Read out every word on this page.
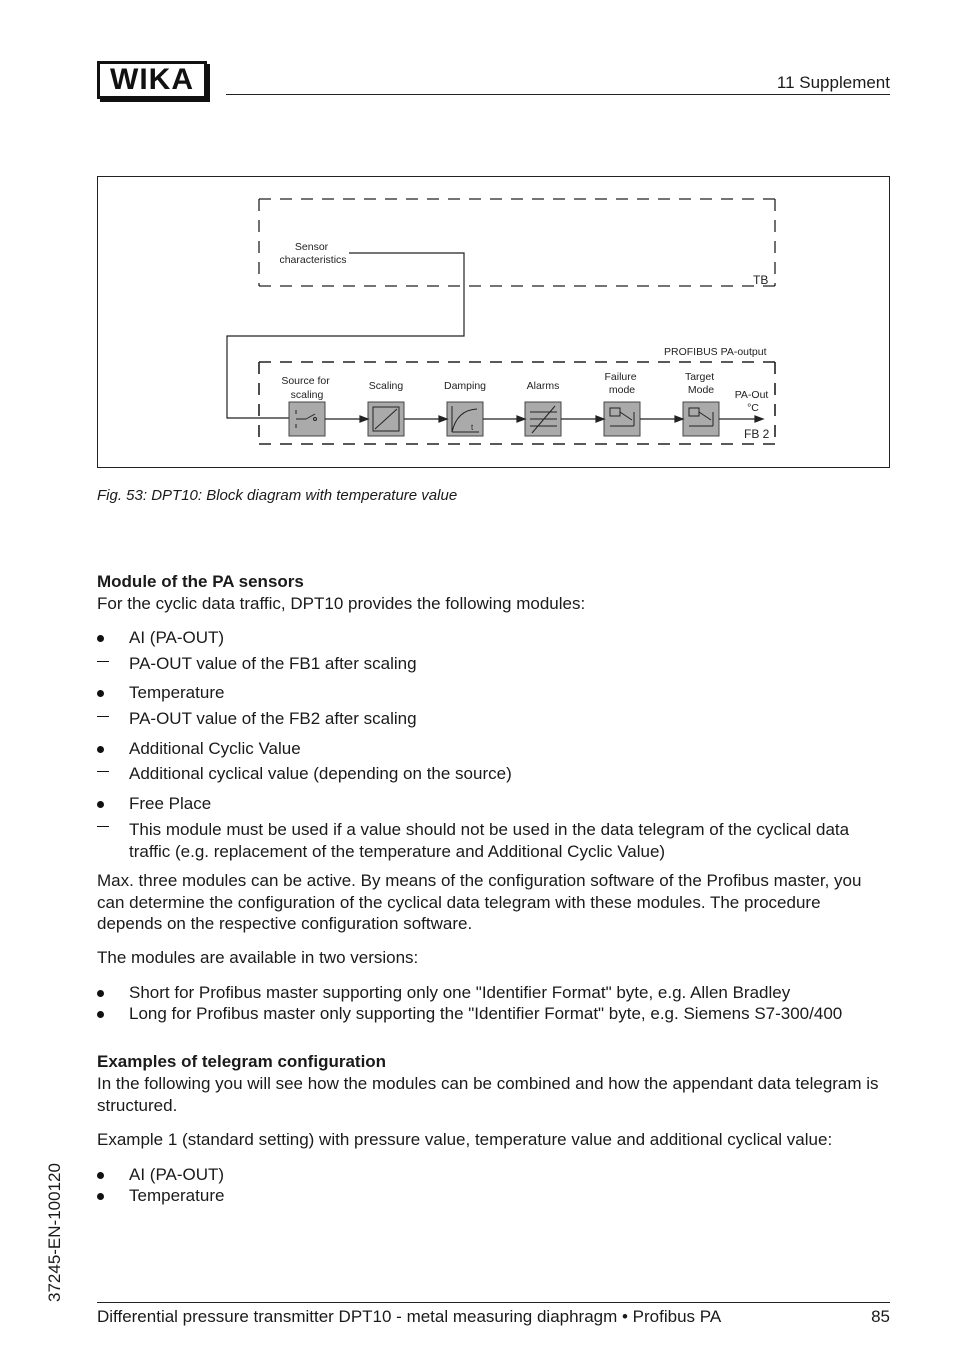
WIKA	11 Supplement
Sensor characteristics
TB
PROFIBUS PA-output
Source for scaling
Scaling	Damping	Alarms
Failure mode
Target Mode PA-Out °C
FB 2
t
Fig. 53: DPT10: Block diagram with temperature value
Module of the PA sensors
For the cyclic data traffic, DPT10 provides the following modules:
AI (PA-OUT)
PA-OUT value of the FB1 after scaling
Temperature
PA-OUT value of the FB2 after scaling
Additional Cyclic Value
Additional cyclical value (depending on the source)
Free Place
This module must be used if a value should not be used in the data telegram of the cyclical data traffic (e.g. replacement of the temperature and Additional Cyclic Value)
Max. three modules can be active. By means of the configuration software of the Profibus master, you can determine the configuration of the cyclical data telegram with these modules. The procedure depends on the respective configuration software.
The modules are available in two versions:
Short for Profibus master supporting only one "Identifier Format" byte, e.g. Allen Bradley
Long for Profibus master only supporting the "Identifier Format" byte, e.g. Siemens S7-300/400
Examples of telegram configuration
In the following you will see how the modules can be combined and how the appendant data telegram is structured.
Example 1 (standard setting) with pressure value, temperature value and additional cyclical value:
AI (PA-OUT)
Temperature
37245-EN-100120
Differential pressure transmitter DPT10 - metal measuring diaphragm • Profibus PA	85
